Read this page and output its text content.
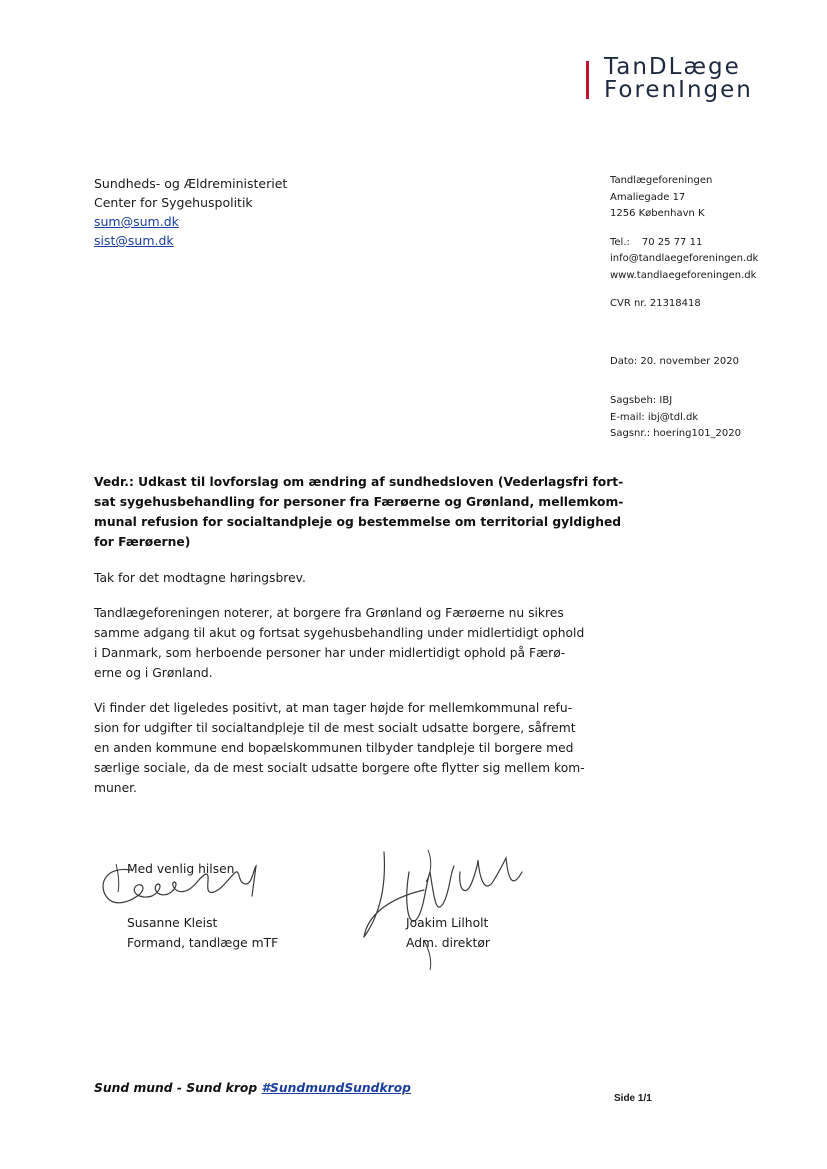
TanDLæge
ForenIngen
Sundheds- og Ældreministeriet
Center for Sygehuspolitik
sum@sum.dk
sist@sum.dk
Tandlægeforeningen
Amaliegade 17
1256 København K
Tel.: 70 25 77 11
info@tandlaegeforeningen.dk
www.tandlaegeforeningen.dk
CVR nr. 21318418
Dato: 20. november 2020
Sagsbeh: IBJ
E-mail: ibj@tdl.dk
Sagsnr.: hoering101_2020
Vedr.: Udkast til lovforslag om ændring af sundhedsloven (Vederlagsfri fort-
sat sygehusbehandling for personer fra Færøerne og Grønland, mellemkom-
munal refusion for socialtandpleje og bestemmelse om territorial gyldighed
for Færøerne)
Tak for det modtagne høringsbrev.
Tandlægeforeningen noterer, at borgere fra Grønland og Færøerne nu sikres
samme adgang til akut og fortsat sygehusbehandling under midlertidigt ophold
i Danmark, som herboende personer har under midlertidigt ophold på Færø-
erne og i Grønland.
Vi finder det ligeledes positivt, at man tager højde for mellemkommunal refu-
sion for udgifter til socialtandpleje til de mest socialt udsatte borgere, såfremt
en anden kommune end bopælskommunen tilbyder tandpleje til borgere med
særlige sociale, da de mest socialt udsatte borgere ofte flytter sig mellem kom-
muner.
Med venlig hilsen
Susanne Kleist
Formand, tandlæge mTF
Joakim Lilholt
Adm. direktør
Sund mund - Sund krop #SundmundSundkrop
Side 1/1
